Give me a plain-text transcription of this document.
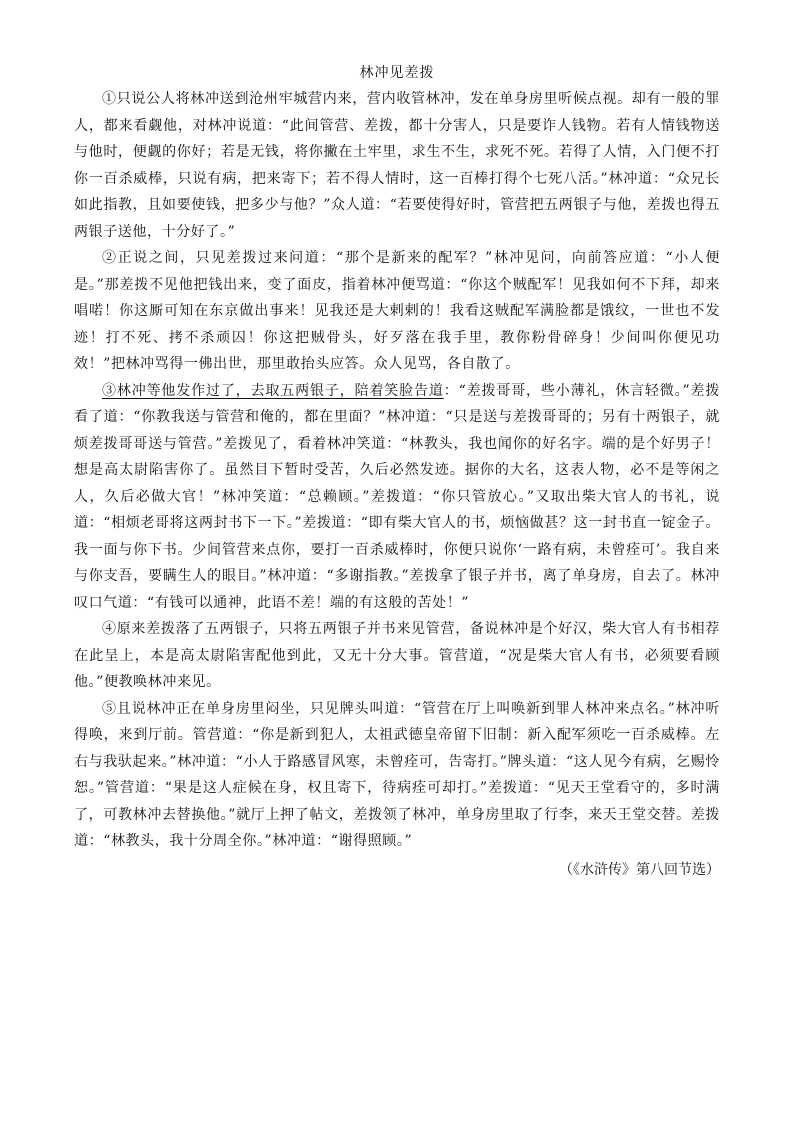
林冲见差拨

①只说公人将林冲送到沧州牢城营内来，营内收管林冲，发在单身房里听候点视。却有一般的罪人，都来看觑他，对林冲说道：“此间管营、差拨，都十分害人，只是要诈人钱物。若有人情钱物送与他时，便觑的你好；若是无钱，将你撇在土牢里，求生不生，求死不死。若得了人情，入门便不打你一百杀威棒，只说有病，把来寄下；若不得人情时，这一百棒打得个七死八活。”林冲道：“众兄长如此指教，且如要使钱，把多少与他？”众人道：“若要使得好时，管营把五两银子与他，差拨也得五两银子送他，十分好了。”

②正说之间，只见差拨过来问道：“那个是新来的配军？”林冲见问，向前答应道：“小人便是。”那差拨不见他把钱出来，变了面皮，指着林冲便骂道：“你这个贼配军！见我如何不下拜，却来唱喏！你这厮可知在东京做出事来！见我还是大剌剌的！我看这贼配军满脸都是饿纹，一世也不发迹！打不死、拷不杀顽囚！你这把贼骨头，好歹落在我手里，教你粉骨碎身！少间叫你便见功效！”把林冲骂得一佛出世，那里敢抬头应答。众人见骂，各自散了。

③林冲等他发作过了，去取五两银子，陪着笑脸告道：“差拨哥哥，些小薄礼，休言轻微。”差拨看了道：“你教我送与管营和俺的，都在里面？”林冲道：“只是送与差拨哥哥的；另有十两银子，就烦差拨哥哥送与管营。”差拨见了，看着林冲笑道：“林教头，我也闻你的好名字。端的是个好男子！想是高太尉陷害你了。虽然目下暂时受苦，久后必然发迹。据你的大名，这表人物，必不是等闲之人，久后必做大官！”林冲笑道：“总赖顾。”差拨道：“你只管放心。”又取出柴大官人的书礼，说道：“相烦老哥将这两封书下一下。”差拨道：“即有柴大官人的书，烦恼做甚？这一封书直一锭金子。我一面与你下书。少间管营来点你，要打一百杀威棒时，你便只说你‘一路有病，未曾痊可’。我自来与你支吾，要瞒生人的眼目。”林冲道：“多谢指教。”差拨拿了银子并书，离了单身房，自去了。林冲叹口气道：“有钱可以通神，此语不差！端的有这般的苦处！”

④原来差拨落了五两银子，只将五两银子并书来见管营，备说林冲是个好汉，柴大官人有书相荐在此呈上，本是高太尉陷害配他到此，又无十分大事。管营道，“况是柴大官人有书，必须要看顾他。”便教唤林冲来见。

⑤且说林冲正在单身房里闷坐，只见牌头叫道：“管营在厅上叫唤新到罪人林冲来点名。”林冲听得唤，来到厅前。管营道：“你是新到犯人，太祖武德皇帝留下旧制：新入配军须吃一百杀威棒。左右与我驮起来。”林冲道：“小人于路感冒风寒，未曾痊可，告寄打。”牌头道：“这人见今有病，乞赐怜恕。”管营道：“果是这人症候在身，权且寄下，待病痊可却打。”差拨道：“见天王堂看守的，多时满了，可教林冲去替换他。”就厅上押了帖文，差拨领了林冲，单身房里取了行李，来天王堂交替。差拨道：“林教头，我十分周全你。”林冲道：“谢得照顾。”

（《水浒传》第八回节选）
